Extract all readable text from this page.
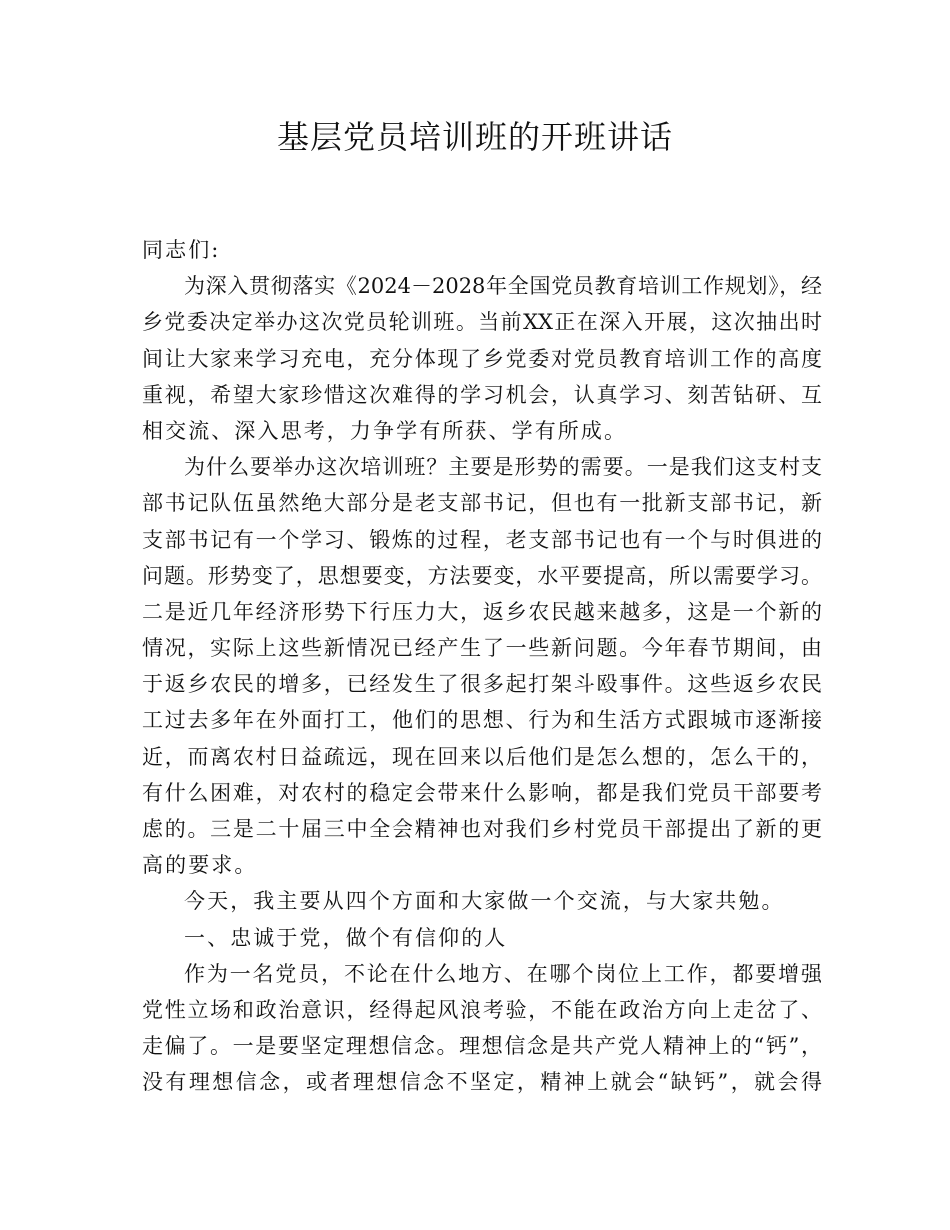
基层党员培训班的开班讲话
同志们:
为深入贯彻落实《2024－2028年全国党员教育培训工作规划》，经
乡党委决定举办这次党员轮训班。当前XX正在深入开展，这次抽出时
间让大家来学习充电，充分体现了乡党委对党员教育培训工作的高度
重视，希望大家珍惜这次难得的学习机会，认真学习、刻苦钻研、互
相交流、深入思考，力争学有所获、学有所成。
为什么要举办这次培训班？主要是形势的需要。一是我们这支村支
部书记队伍虽然绝大部分是老支部书记，但也有一批新支部书记，新
支部书记有一个学习、锻炼的过程，老支部书记也有一个与时俱进的
问题。形势变了，思想要变，方法要变，水平要提高，所以需要学习。
二是近几年经济形势下行压力大，返乡农民越来越多，这是一个新的
情况，实际上这些新情况已经产生了一些新问题。今年春节期间，由
于返乡农民的增多，已经发生了很多起打架斗殴事件。这些返乡农民
工过去多年在外面打工，他们的思想、行为和生活方式跟城市逐渐接
近，而离农村日益疏远，现在回来以后他们是怎么想的，怎么干的，
有什么困难，对农村的稳定会带来什么影响，都是我们党员干部要考
虑的。三是二十届三中全会精神也对我们乡村党员干部提出了新的更
高的要求。
今天，我主要从四个方面和大家做一个交流，与大家共勉。
一、忠诚于党，做个有信仰的人
作为一名党员，不论在什么地方、在哪个岗位上工作，都要增强
党性立场和政治意识，经得起风浪考验，不能在政治方向上走岔了、
走偏了。一是要坚定理想信念。理想信念是共产党人精神上的“钙”，
没有理想信念，或者理想信念不坚定，精神上就会“缺钙”，就会得
